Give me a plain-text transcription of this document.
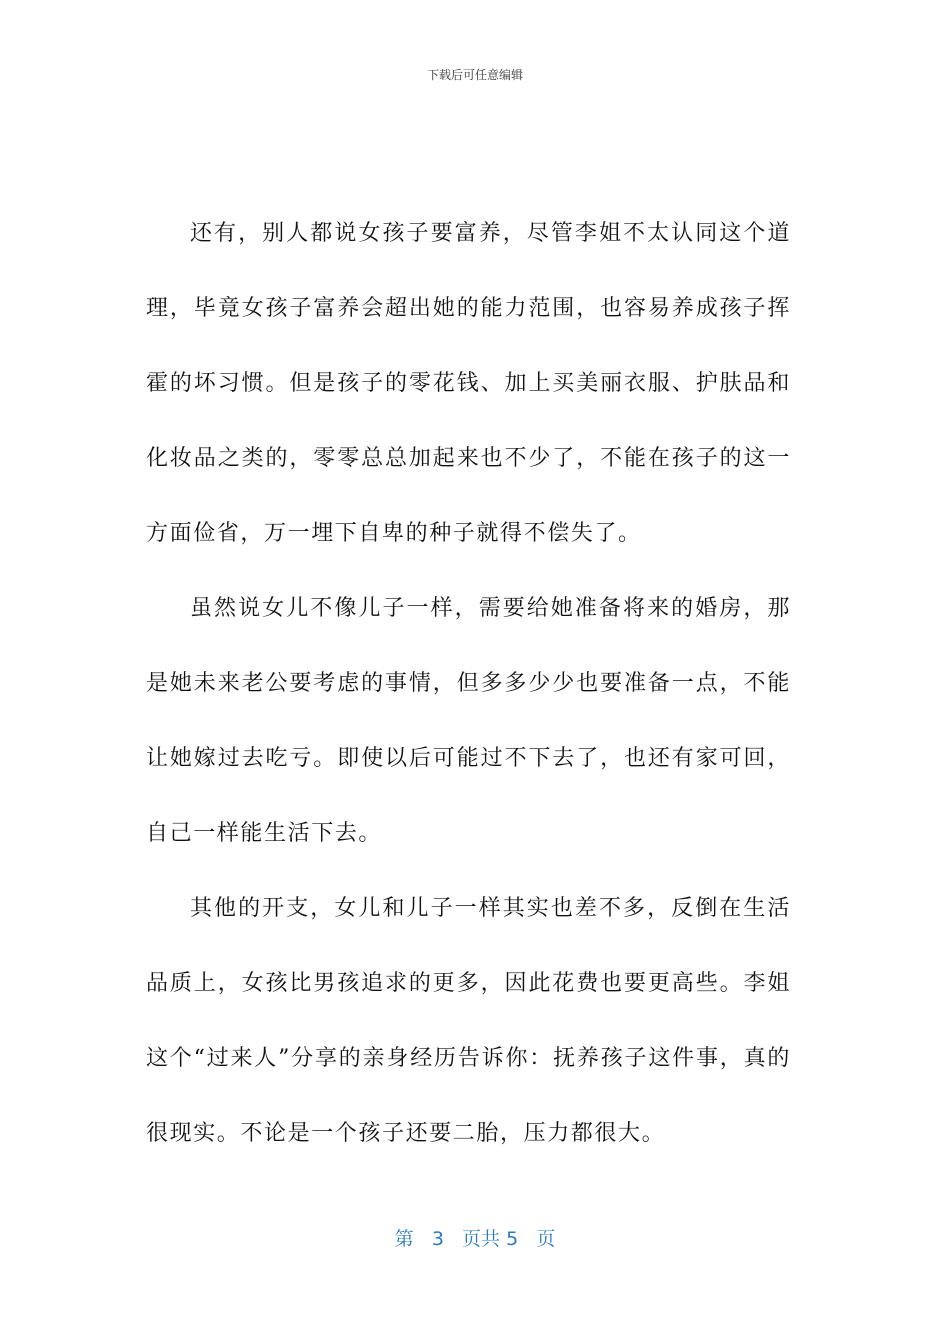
下载后可任意编辑

还有，别人都说女孩子要富养，尽管李姐不太认同这个道理，毕竟女孩子富养会超出她的能力范围，也容易养成孩子挥霍的坏习惯。但是孩子的零花钱、加上买美丽衣服、护肤品和化妆品之类的，零零总总加起来也不少了，不能在孩子的这一方面俭省，万一埋下自卑的种子就得不偿失了。

虽然说女儿不像儿子一样，需要给她准备将来的婚房，那是她未来老公要考虑的事情，但多多少少也要准备一点，不能让她嫁过去吃亏。即使以后可能过不下去了，也还有家可回，自己一样能生活下去。

其他的开支，女儿和儿子一样其实也差不多，反倒在生活品质上，女孩比男孩追求的更多，因此花费也要更高些。李姐这个“过来人”分享的亲身经历告诉你：抚养孩子这件事，真的很现实。不论是一个孩子还要二胎，压力都很大。

第 3 页共 5 页
